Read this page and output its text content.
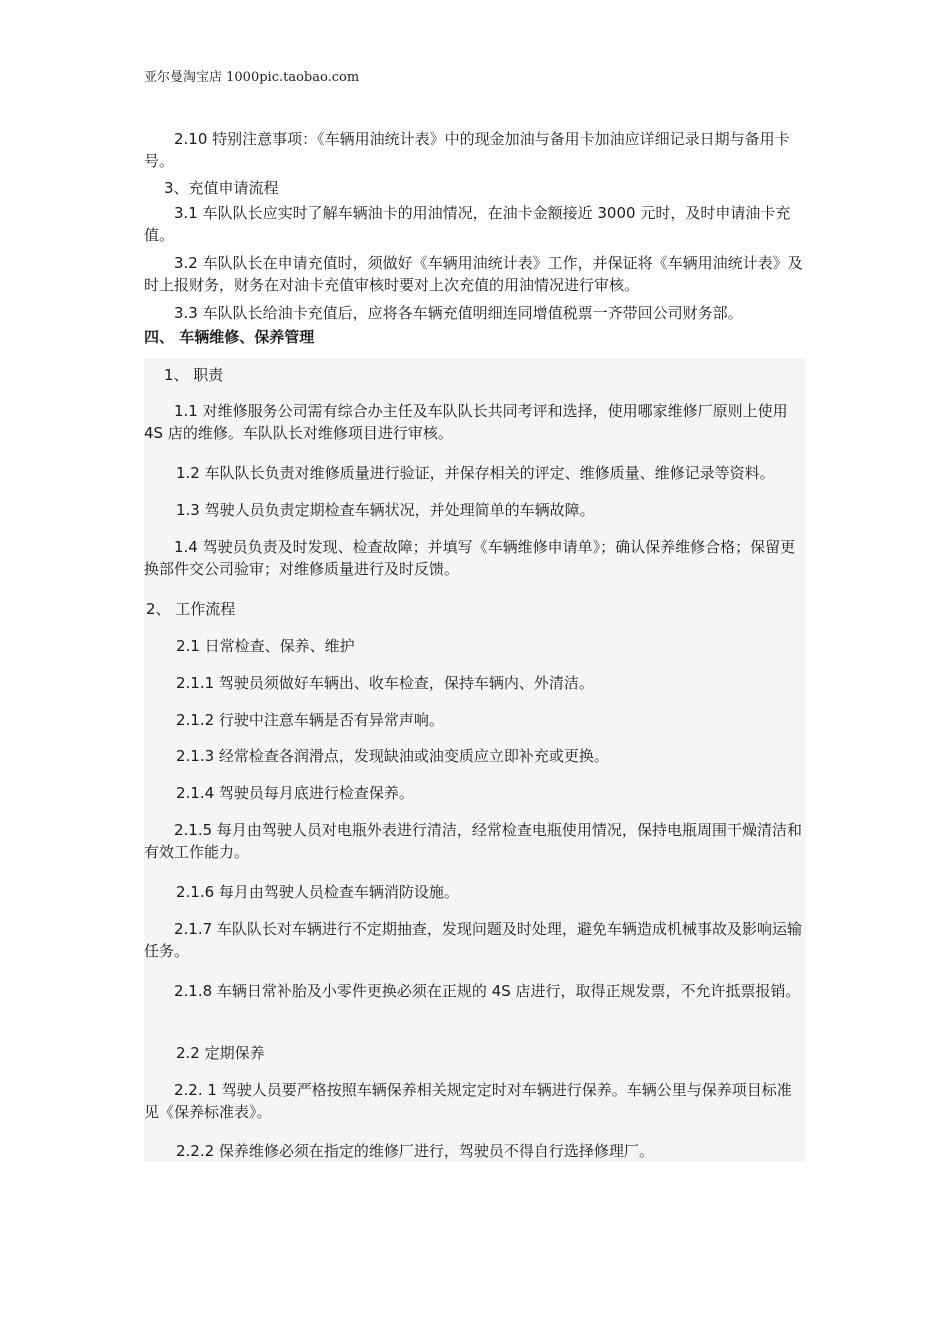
亚尔曼淘宝店 1000pic.taobao.com

2.10 特别注意事项：《车辆用油统计表》中的现金加油与备用卡加油应详细记录日期与备用卡号。

3、充值申请流程

3.1 车队队长应实时了解车辆油卡的用油情况，在油卡金额接近 3000 元时，及时申请油卡充值。

3.2 车队队长在申请充值时，须做好《车辆用油统计表》工作，并保证将《车辆用油统计表》及时上报财务，财务在对油卡充值审核时要对上次充值的用油情况进行审核。

3.3 车队队长给油卡充值后，应将各车辆充值明细连同增值税票一齐带回公司财务部。

四、 车辆维修、保养管理

1、 职责

1.1 对维修服务公司需有综合办主任及车队队长共同考评和选择，使用哪家维修厂原则上使用 4S 店的维修。车队队长对维修项目进行审核。

1.2 车队队长负责对维修质量进行验证，并保存相关的评定、维修质量、维修记录等资料。

1.3 驾驶人员负责定期检查车辆状况，并处理简单的车辆故障。

1.4 驾驶员负责及时发现、检查故障；并填写《车辆维修申请单》；确认保养维修合格；保留更换部件交公司验审；对维修质量进行及时反馈。

2、 工作流程

2.1 日常检查、保养、维护

2.1.1 驾驶员须做好车辆出、收车检查，保持车辆内、外清洁。

2.1.2 行驶中注意车辆是否有异常声响。

2.1.3 经常检查各润滑点，发现缺油或油变质应立即补充或更换。

2.1.4 驾驶员每月底进行检查保养。

2.1.5 每月由驾驶人员对电瓶外表进行清洁，经常检查电瓶使用情况，保持电瓶周围干燥清洁和有效工作能力。

2.1.6 每月由驾驶人员检查车辆消防设施。

2.1.7 车队队长对车辆进行不定期抽查，发现问题及时处理，避免车辆造成机械事故及影响运输任务。

2.1.8 车辆日常补胎及小零件更换必须在正规的 4S 店进行，取得正规发票，不允许抵票报销。

2.2 定期保养

2.2. 1 驾驶人员要严格按照车辆保养相关规定定时对车辆进行保养。车辆公里与保养项目标准见《保养标准表》。

2.2.2 保养维修必须在指定的维修厂进行，驾驶员不得自行选择修理厂。
